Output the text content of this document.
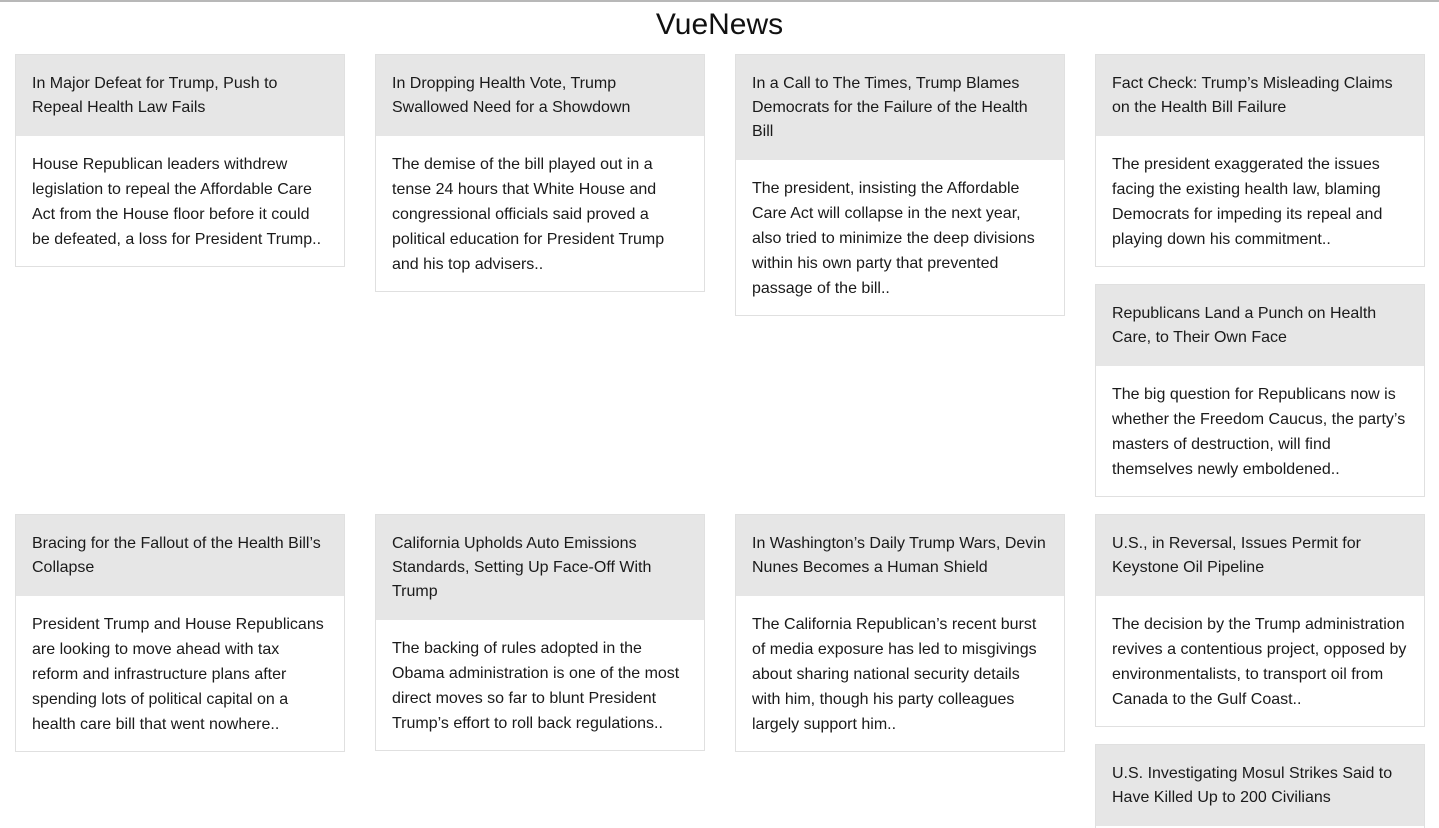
VueNews
In Major Defeat for Trump, Push to Repeal Health Law Fails
House Republican leaders withdrew legislation to repeal the Affordable Care Act from the House floor before it could be defeated, a loss for President Trump..
In Dropping Health Vote, Trump Swallowed Need for a Showdown
The demise of the bill played out in a tense 24 hours that White House and congressional officials said proved a political education for President Trump and his top advisers..
In a Call to The Times, Trump Blames Democrats for the Failure of the Health Bill
The president, insisting the Affordable Care Act will collapse in the next year, also tried to minimize the deep divisions within his own party that prevented passage of the bill..
Fact Check: Trump’s Misleading Claims on the Health Bill Failure
The president exaggerated the issues facing the existing health law, blaming Democrats for impeding its repeal and playing down his commitment..
Republicans Land a Punch on Health Care, to Their Own Face
The big question for Republicans now is whether the Freedom Caucus, the party’s masters of destruction, will find themselves newly emboldened..
Bracing for the Fallout of the Health Bill’s Collapse
President Trump and House Republicans are looking to move ahead with tax reform and infrastructure plans after spending lots of political capital on a health care bill that went nowhere..
California Upholds Auto Emissions Standards, Setting Up Face-Off With Trump
The backing of rules adopted in the Obama administration is one of the most direct moves so far to blunt President Trump’s effort to roll back regulations..
In Washington’s Daily Trump Wars, Devin Nunes Becomes a Human Shield
The California Republican’s recent burst of media exposure has led to misgivings about sharing national security details with him, though his party colleagues largely support him..
U.S., in Reversal, Issues Permit for Keystone Oil Pipeline
The decision by the Trump administration revives a contentious project, opposed by environmentalists, to transport oil from Canada to the Gulf Coast..
U.S. Investigating Mosul Strikes Said to Have Killed Up to 200 Civilians
